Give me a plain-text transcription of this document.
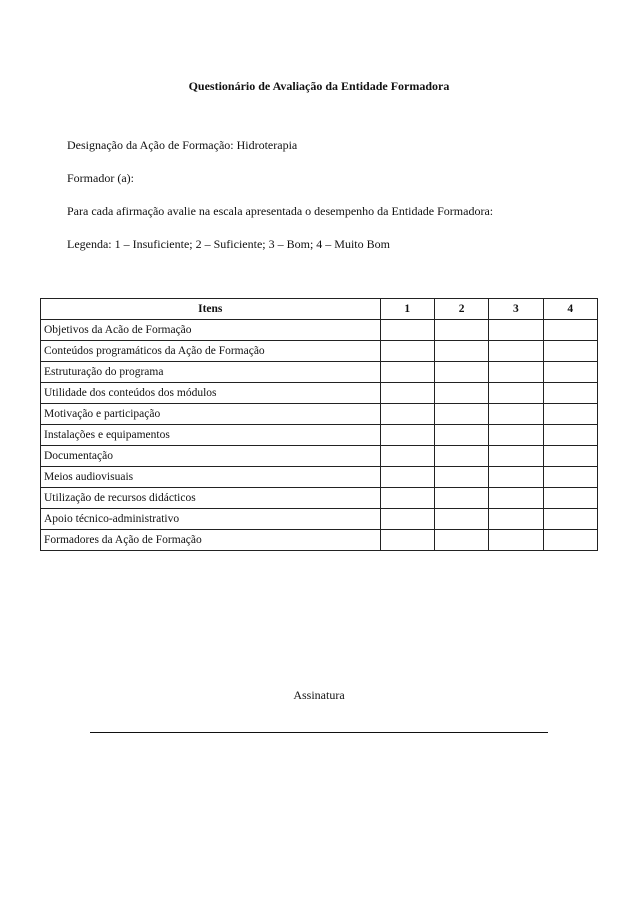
Questionário de Avaliação da Entidade Formadora
Designação da Ação de Formação: Hidroterapia
Formador (a):
Para cada afirmação avalie na escala apresentada o desempenho da Entidade Formadora:
Legenda: 1 – Insuficiente; 2 – Suficiente; 3 – Bom; 4 – Muito Bom
Itens	1	2	3	4
Objetivos da Acão de Formação				
Conteúdos programáticos da Ação de Formação				
Estruturação do programa				
Utilidade dos conteúdos dos módulos				
Motivação e participação				
Instalações e equipamentos				
Documentação				
Meios audiovisuais				
Utilização de recursos didácticos				
Apoio técnico-administrativo				
Formadores da Ação de Formação				
Assinatura
